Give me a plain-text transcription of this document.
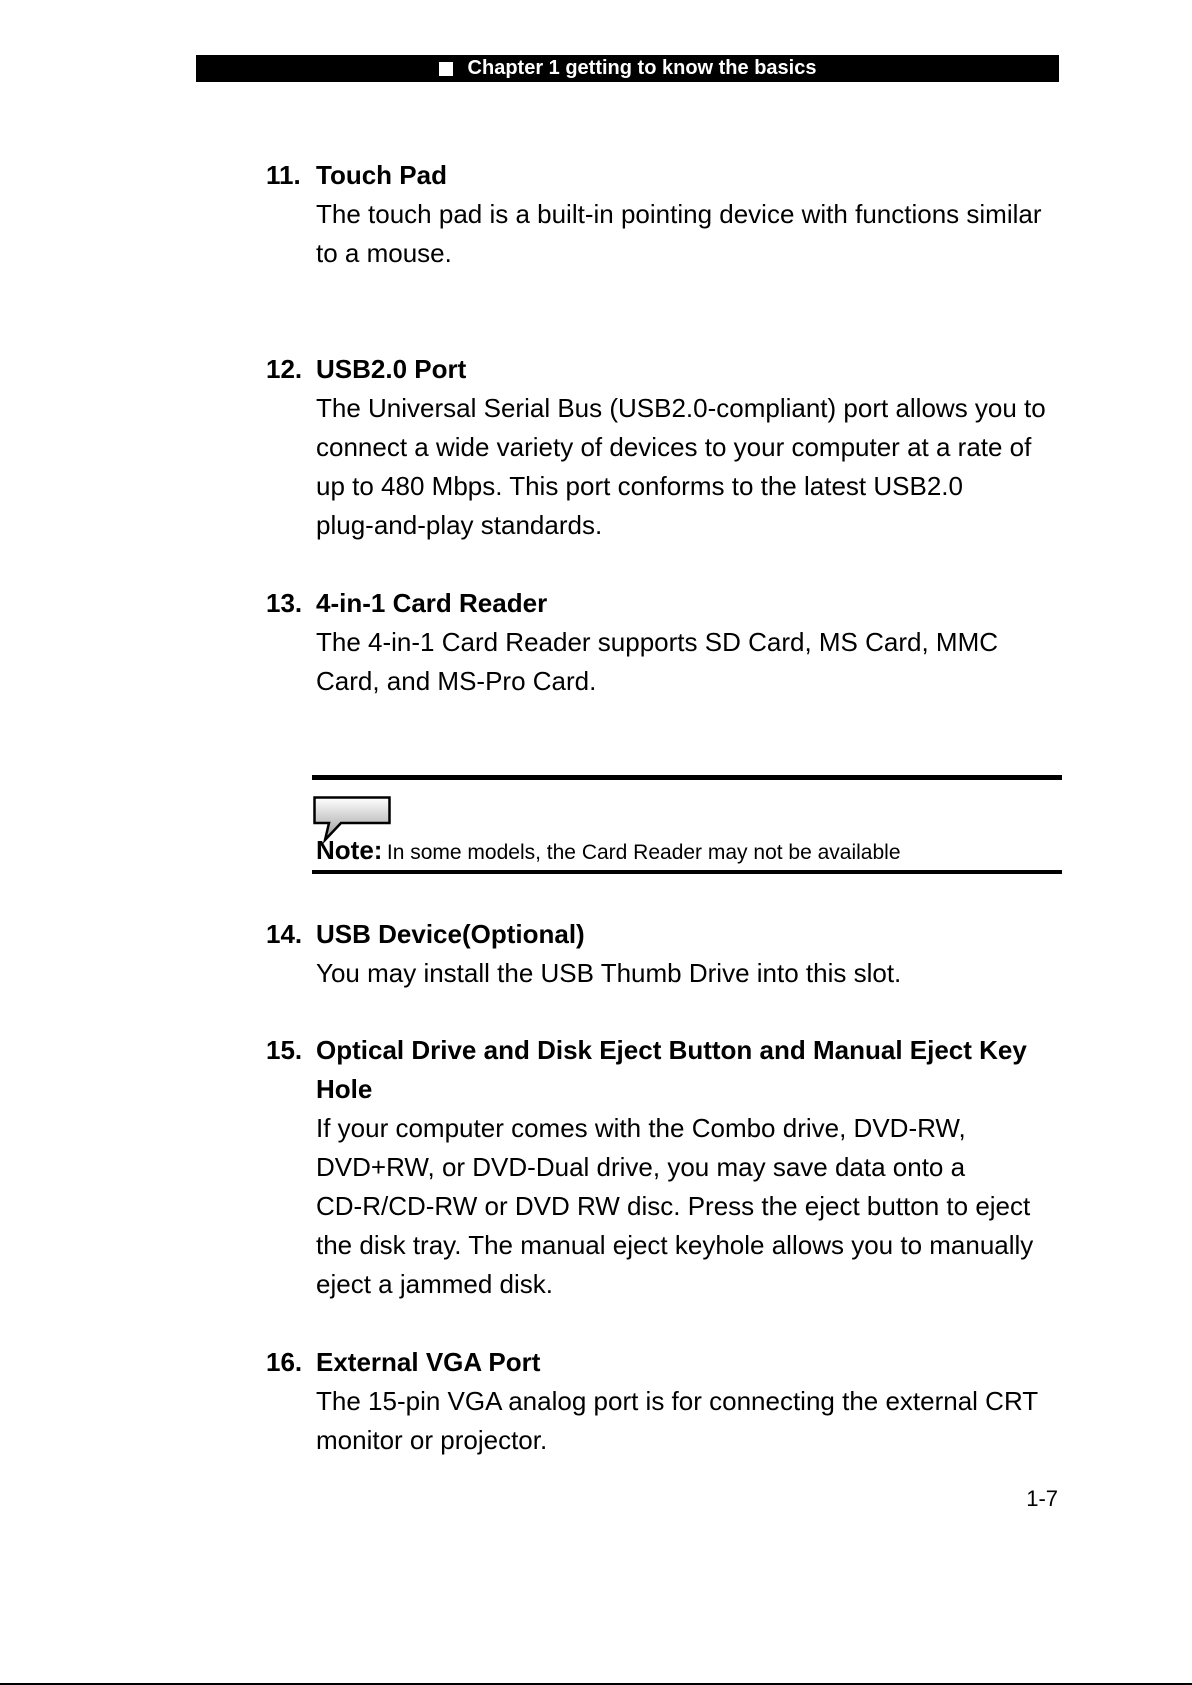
Chapter 1 getting to know the basics
11. Touch Pad
The touch pad is a built-in pointing device with functions similar
to a mouse.
12. USB2.0 Port
The Universal Serial Bus (USB2.0-compliant) port allows you to
connect a wide variety of devices to your computer at a rate of
up to 480 Mbps. This port conforms to the latest USB2.0
plug-and-play standards.
13. 4-in-1 Card Reader
The 4-in-1 Card Reader supports SD Card, MS Card, MMC
Card, and MS-Pro Card.
Note: In some models, the Card Reader may not be available
14. USB Device(Optional)
You may install the USB Thumb Drive into this slot.
15. Optical Drive and Disk Eject Button and Manual Eject Key
Hole
If your computer comes with the Combo drive, DVD-RW,
DVD+RW, or DVD-Dual drive, you may save data onto a
CD-R/CD-RW or DVD RW disc. Press the eject button to eject
the disk tray. The manual eject keyhole allows you to manually
eject a jammed disk.
16. External VGA Port
The 15-pin VGA analog port is for connecting the external CRT
monitor or projector.
1-7
